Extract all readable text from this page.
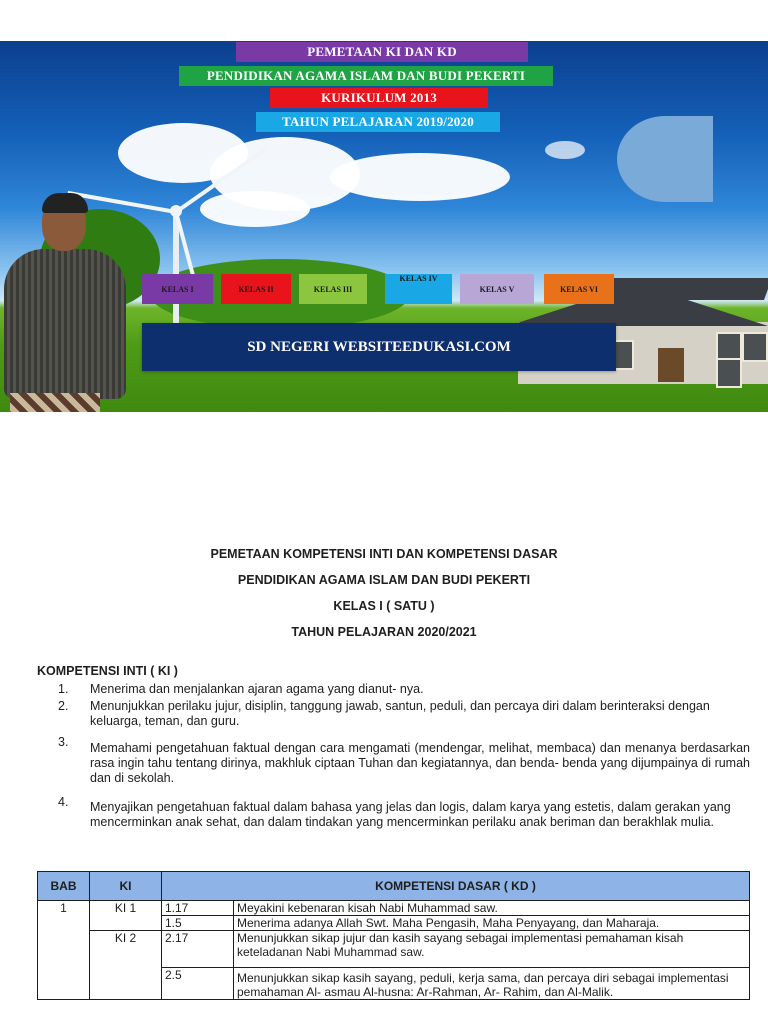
PEMETAAN KI DAN KD
PENDIDIKAN AGAMA ISLAM DAN BUDI PEKERTI
KURIKULUM 2013
TAHUN PELAJARAN 2019/2020
KELAS I	KELAS II	KELAS III
KELAS IV
KELAS V	KELAS VI
SD NEGERI WEBSITEEDUKASI.COM
PEMETAAN KOMPETENSI INTI DAN KOMPETENSI DASAR
PENDIDIKAN AGAMA ISLAM DAN BUDI PEKERTI
KELAS I ( SATU )
TAHUN PELAJARAN 2020/2021
KOMPETENSI INTI ( KI )
1.	Menerima dan menjalankan ajaran agama yang dianut- nya.
2.	Menunjukkan perilaku jujur, disiplin, tanggung jawab, santun, peduli, dan percaya diri dalam berinteraksi dengan keluarga, teman, dan guru.
3.	Memahami pengetahuan faktual dengan cara mengamati (mendengar, melihat, membaca) dan menanya berdasarkan rasa ingin tahu tentang dirinya, makhluk ciptaan Tuhan dan kegiatannya, dan benda- benda yang dijumpainya di rumah dan di sekolah.
4.	Menyajikan pengetahuan faktual dalam bahasa yang jelas dan logis, dalam karya yang estetis, dalam gerakan yang mencerminkan anak sehat, dan dalam tindakan yang mencerminkan perilaku anak beriman dan berakhlak mulia.
BAB	KI	KOMPETENSI DASAR ( KD )	
1	KI 1	1.17	Meyakini kebenaran kisah Nabi Muhammad saw.
		1.5	Menerima adanya Allah Swt. Maha Pengasih, Maha Penyayang, dan Maharaja.
	KI 2	2.17	Menunjukkan sikap jujur dan kasih sayang sebagai implementasi pemahaman kisah keteladanan Nabi Muhammad saw.
		2.5	Menunjukkan sikap kasih sayang, peduli, kerja sama, dan percaya diri sebagai implementasi pemahaman Al- asmau Al-husna: Ar-Rahman, Ar- Rahim, dan Al-Malik.
